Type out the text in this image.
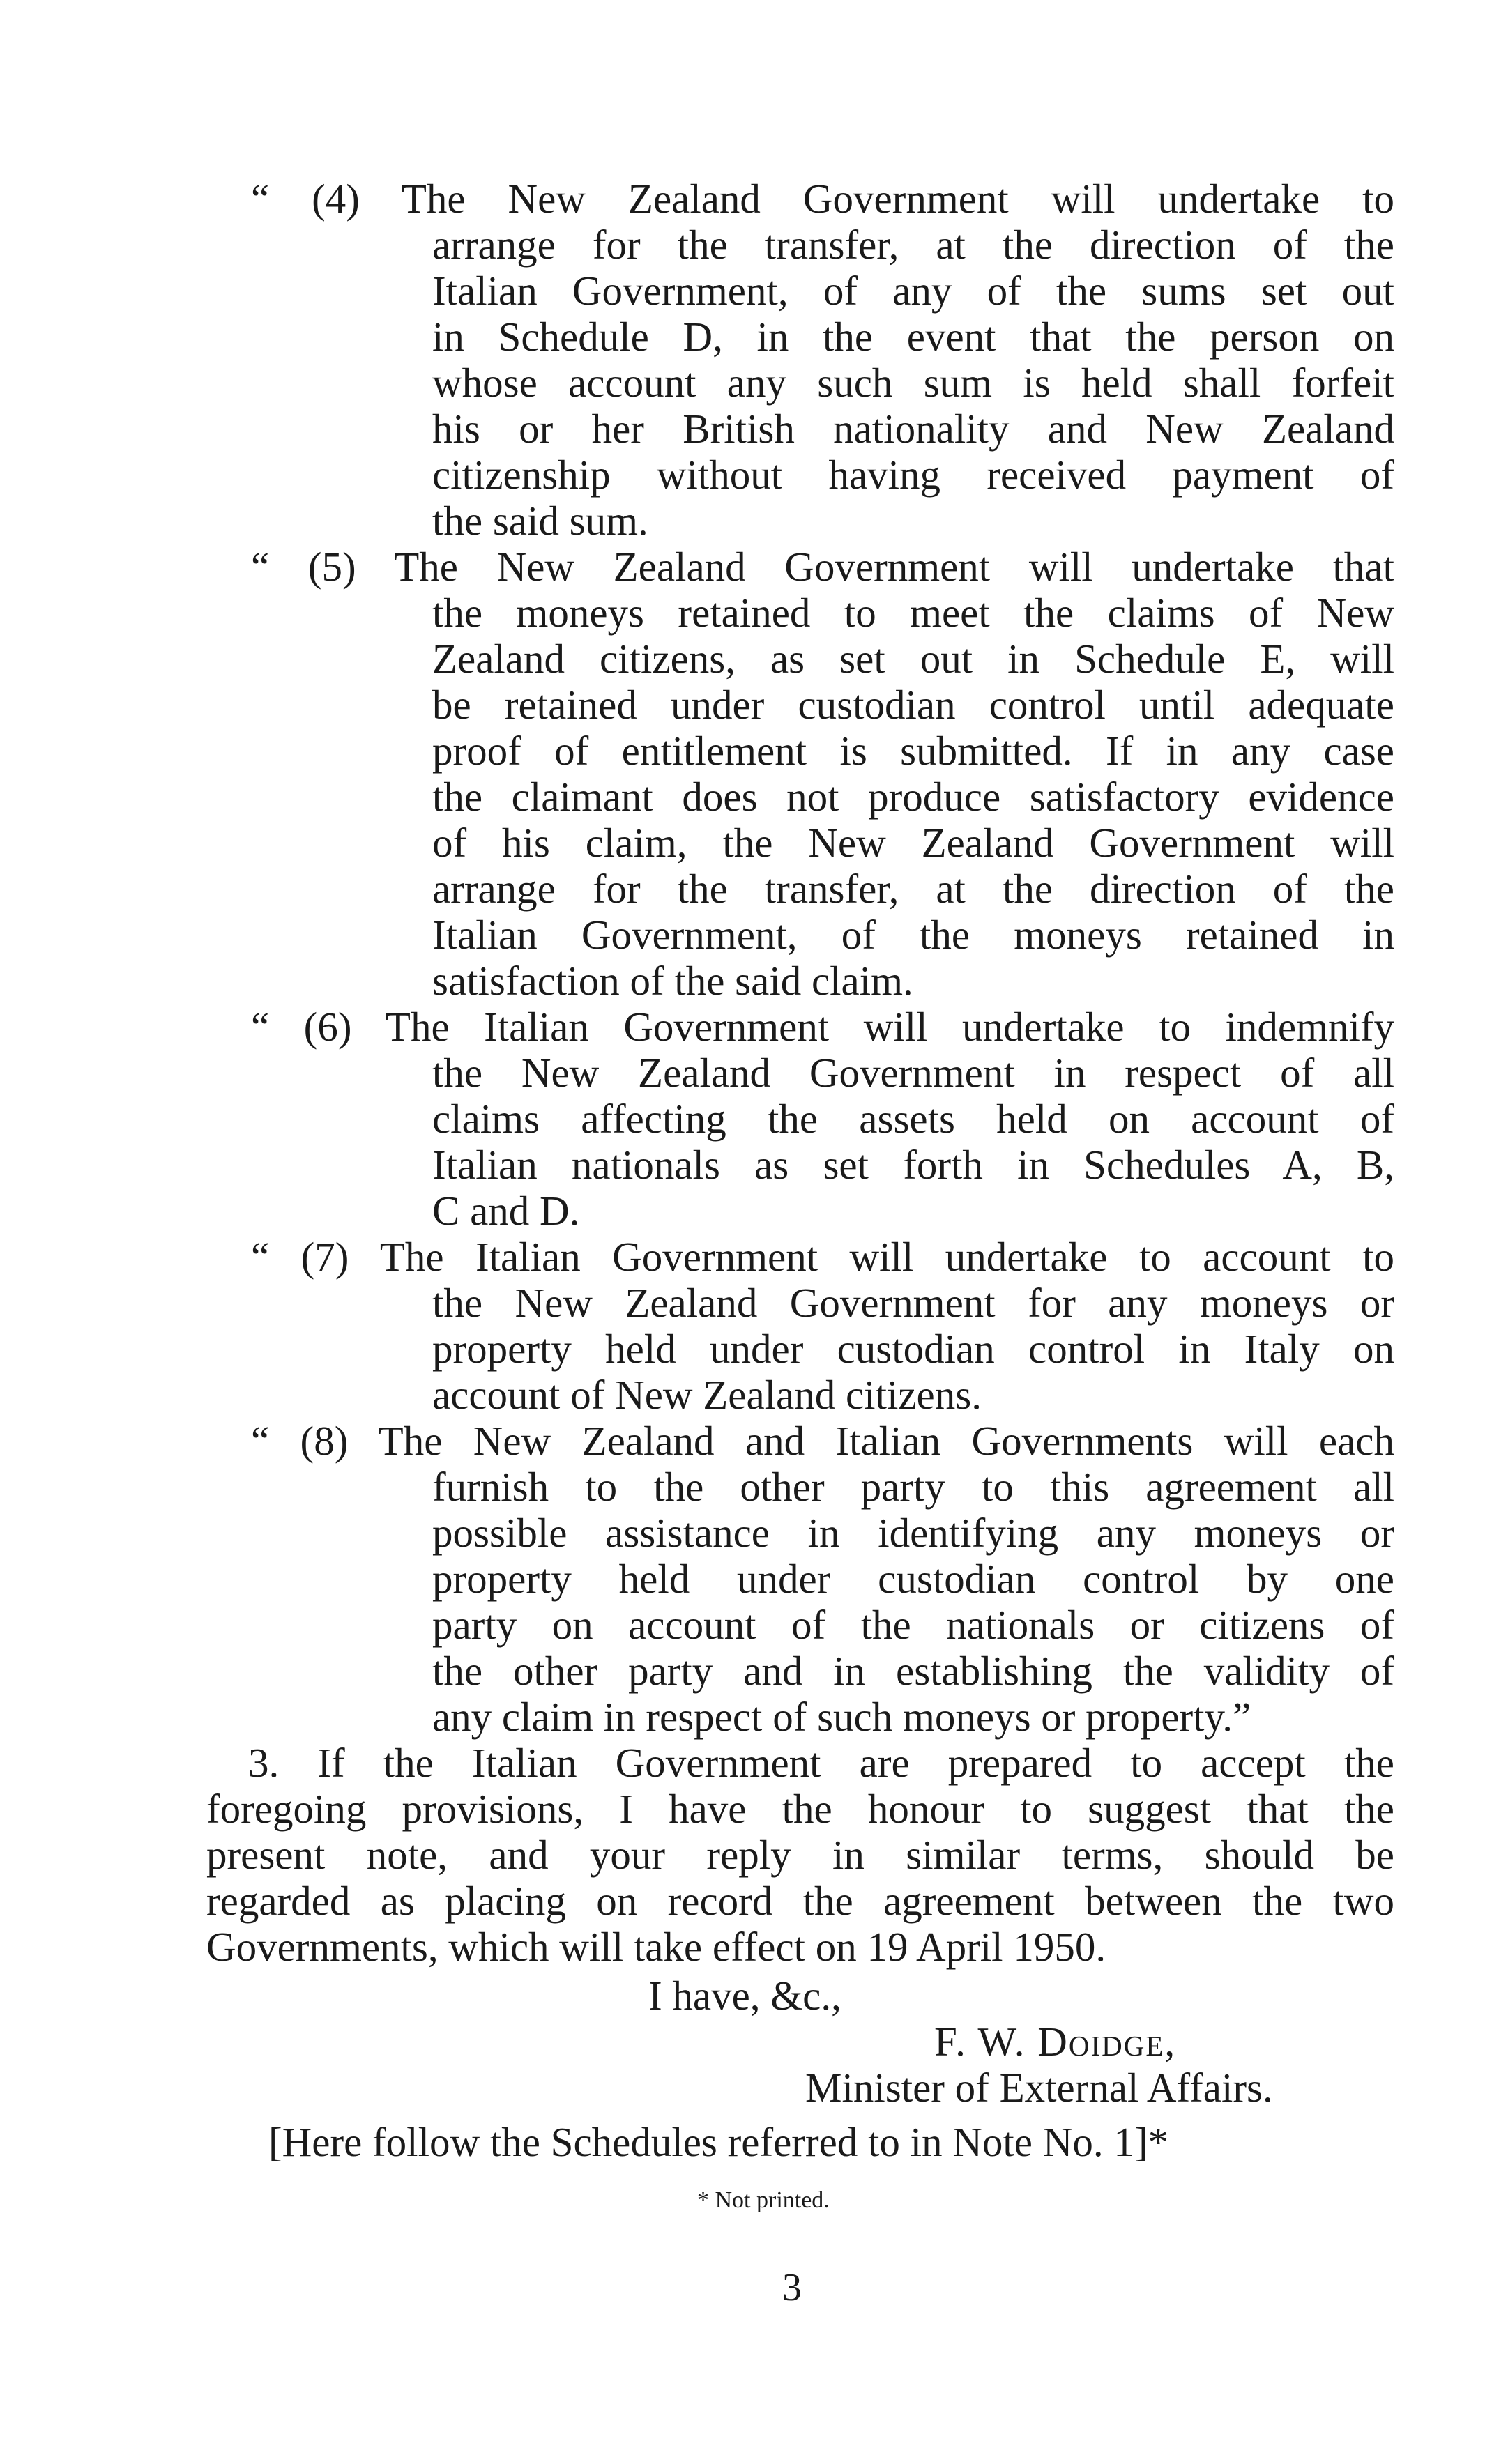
“ (4) The New Zealand Government will undertake to
arrange for the transfer, at the direction of the
Italian Government, of any of the sums set out
in Schedule D, in the event that the person on
whose account any such sum is held shall forfeit
his or her British nationality and New Zealand
citizenship without having received payment of
the said sum.
“ (5) The New Zealand Government will undertake that
the moneys retained to meet the claims of New
Zealand citizens, as set out in Schedule E, will
be retained under custodian control until adequate
proof of entitlement is submitted. If in any case
the claimant does not produce satisfactory evidence
of his claim, the New Zealand Government will
arrange for the transfer, at the direction of the
Italian Government, of the moneys retained in
satisfaction of the said claim.
“ (6) The Italian Government will undertake to indemnify
the New Zealand Government in respect of all
claims affecting the assets held on account of
Italian nationals as set forth in Schedules A, B,
C and D.
“ (7) The Italian Government will undertake to account to
the New Zealand Government for any moneys or
property held under custodian control in Italy on
account of New Zealand citizens.
“ (8) The New Zealand and Italian Governments will each
furnish to the other party to this agreement all
possible assistance in identifying any moneys or
property held under custodian control by one
party on account of the nationals or citizens of
the other party and in establishing the validity of
any claim in respect of such moneys or property.”
3. If the Italian Government are prepared to accept the
foregoing provisions, I have the honour to suggest that the
present note, and your reply in similar terms, should be
regarded as placing on record the agreement between the two
Governments, which will take effect on 19 April 1950.
I have, &c.,
F. W. Doidge,
Minister of External Affairs.
[Here follow the Schedules referred to in Note No. 1]*
* Not printed.
3
